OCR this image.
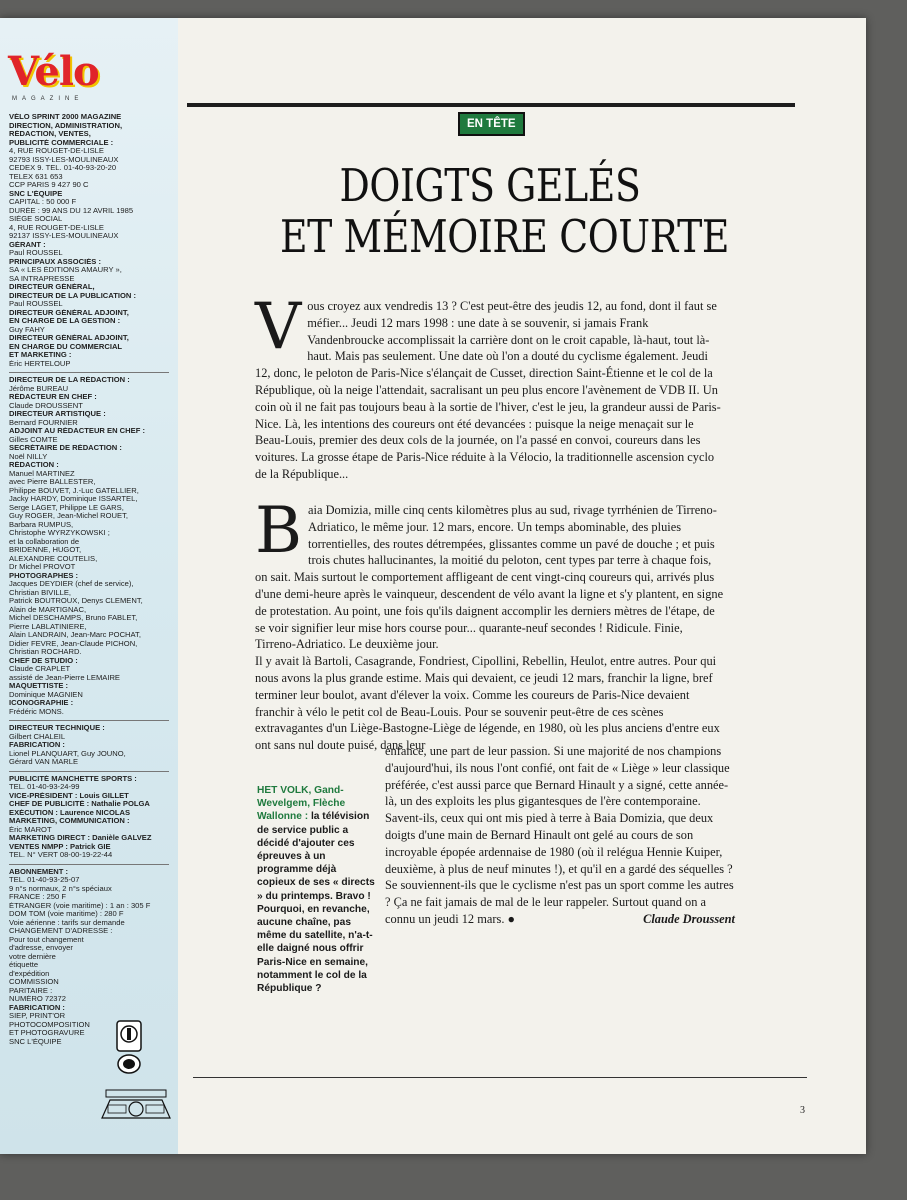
Vélo
MAGAZINE
VÉLO SPRINT 2000 MAGAZINE
DIRECTION, ADMINISTRATION,
RÉDACTION, VENTES,
PUBLICITÉ COMMERCIALE :
4, RUE ROUGET-DE-LISLE
92793 ISSY-LES-MOULINEAUX
CEDEX 9. TEL. 01-40-93-20-20
TELEX 631 653
CCP PARIS 9 427 90 C
SNC L'ÉQUIPE
CAPITAL : 50 000 F
DURÉE : 99 ANS DU 12 AVRIL 1985
SIÈGE SOCIAL
4, RUE ROUGET-DE-LISLE
92137 ISSY-LES-MOULINEAUX
GÉRANT :
Paul ROUSSEL
PRINCIPAUX ASSOCIÉS :
SA « LES ÉDITIONS AMAURY »,
SA INTRAPRESSE
DIRECTEUR GÉNÉRAL,
DIRECTEUR DE LA PUBLICATION :
Paul ROUSSEL
DIRECTEUR GÉNÉRAL ADJOINT,
EN CHARGE DE LA GESTION :
Guy FAHY
DIRECTEUR GÉNÉRAL ADJOINT,
EN CHARGE DU COMMERCIAL
ET MARKETING :
Éric HERTELOUP
DIRECTEUR DE LA RÉDACTION :
Jérôme BUREAU
RÉDACTEUR EN CHEF :
Claude DROUSSENT
DIRECTEUR ARTISTIQUE :
Bernard FOURNIER
ADJOINT AU RÉDACTEUR EN CHEF :
Gilles COMTE
SECRÉTAIRE DE RÉDACTION :
Noël NILLY
RÉDACTION :
Manuel MARTINEZ
avec Pierre BALLESTER,
Philippe BOUVET, J.-Luc GATELLIER,
Jacky HARDY, Dominique ISSARTEL,
Serge LAGET, Philippe LE GARS,
Guy ROGER, Jean-Michel ROUET,
Barbara RUMPUS,
Christophe WYRZYKOWSKI ;
et la collaboration de
BRIDENNE, HUGOT,
ALEXANDRE COUTELIS,
Dr Michel PROVOT
PHOTOGRAPHES :
Jacques DEYDIER (chef de service),
Christian BIVILLE,
Patrick BOUTROUX, Denys CLEMENT,
Alain de MARTIGNAC,
Michel DESCHAMPS, Bruno FABLET,
Pierre LABLATINIERE,
Alain LANDRAIN, Jean-Marc POCHAT,
Didier FEVRE, Jean-Claude PICHON,
Christian ROCHARD.
CHEF DE STUDIO :
Claude CRAPLET
assisté de Jean-Pierre LEMAIRE
MAQUETTISTE :
Dominique MAGNIEN
ICONOGRAPHIE :
Frédéric MONS.
DIRECTEUR TECHNIQUE :
Gilbert CHALEIL
FABRICATION :
Lionel PLANQUART, Guy JOUNO,
Gérard VAN MARLE
PUBLICITÉ MANCHETTE SPORTS :
TEL. 01-40-93-24-99
VICE-PRÉSIDENT : Louis GILLET
CHEF DE PUBLICITÉ : Nathalie POLGA
EXÉCUTION : Laurence NICOLAS
MARKETING, COMMUNICATION :
Éric MAROT
MARKETING DIRECT : Danièle GALVEZ
VENTES NMPP : Patrick GIE
TEL. N° VERT 08-00-19-22-44
ABONNEMENT :
TEL. 01-40-93-25-07
9 n°s normaux, 2 n°s spéciaux
FRANCE : 250 F
ÉTRANGER (voie maritime) : 1 an : 305 F
DOM TOM (voie maritime) : 280 F
Voie aérienne : tarifs sur demande
CHANGEMENT D'ADRESSE :
Pour tout changement
d'adresse, envoyer
votre dernière
étiquette
d'expédition
COMMISSION
PARITAIRE :
NUMÉRO 72372
FABRICATION :
SIEP, PRINT'OR
PHOTOCOMPOSITION
ET PHOTOGRAVURE
SNC L'ÉQUIPE
EN TÊTE
DOIGTS GELÉS
ET MÉMOIRE COURTE
Vous croyez aux vendredis 13 ? C'est peut-être des jeudis 12, au fond, dont il faut se méfier... Jeudi 12 mars 1998 : une date à se souvenir, si jamais Frank Vandenbroucke accomplissait la carrière dont on le croit capable, là-haut, tout là-haut. Mais pas seulement. Une date où l'on a douté du cyclisme également. Jeudi 12, donc, le peloton de Paris-Nice s'élançait de Cusset, direction Saint-Étienne et le col de la République, où la neige l'attendait, sacralisant un peu plus encore l'avènement de VDB II. Un coin où il ne fait pas toujours beau à la sortie de l'hiver, c'est le jeu, la grandeur aussi de Paris-Nice. Là, les intentions des coureurs ont été devancées : puisque la neige menaçait sur le Beau-Louis, premier des deux cols de la journée, on l'a passé en convoi, coureurs dans les voitures. La grosse étape de Paris-Nice réduite à la Vélocio, la traditionnelle ascension cyclo de la République...
Baia Domizia, mille cinq cents kilomètres plus au sud, rivage tyrrhénien de Tirreno-Adriatico, le même jour. 12 mars, encore. Un temps abominable, des pluies torrentielles, des routes détrempées, glissantes comme un pavé de douche ; et puis trois chutes hallucinantes, la moitié du peloton, cent types par terre à chaque fois, on sait. Mais surtout le comportement affligeant de cent vingt-cinq coureurs qui, arrivés plus d'une demi-heure après le vainqueur, descendent de vélo avant la ligne et s'y plantent, en signe de protestation. Au point, une fois qu'ils daignent accomplir les derniers mètres de l'étape, de se voir signifier leur mise hors course pour... quarante-neuf secondes ! Ridicule. Finie, Tirreno-Adriatico. Le deuxième jour.
Il y avait là Bartoli, Casagrande, Fondriest, Cipollini, Rebellin, Heulot, entre autres. Pour qui nous avons la plus grande estime. Mais qui devaient, ce jeudi 12 mars, franchir la ligne, bref terminer leur boulot, avant d'élever la voix. Comme les coureurs de Paris-Nice devaient franchir à vélo le petit col de Beau-Louis. Pour se souvenir peut-être de ces scènes extravagantes d'un Liège-Bastogne-Liège de légende, en 1980, où les plus anciens d'entre eux ont sans nul doute puisé, dans leur
enfance, une part de leur passion. Si une majorité de nos champions d'aujourd'hui, ils nous l'ont confié, ont fait de « Liège » leur classique préférée, c'est aussi parce que Bernard Hinault y a signé, cette année-là, un des exploits les plus gigantesques de l'ère contemporaine.
Savent-ils, ceux qui ont mis pied à terre à Baia Domizia, que deux doigts d'une main de Bernard Hinault ont gelé au cours de son incroyable épopée ardennaise de 1980 (où il relégua Hennie Kuiper, deuxième, à plus de neuf minutes !), et qu'il en a gardé des séquelles ? Se souviennent-ils que le cyclisme n'est pas un sport comme les autres ? Ça ne fait jamais de mal de le leur rappeler. Surtout quand on a connu un jeudi 12 mars. ●	Claude Droussent
HET VOLK, Gand-Wevelgem, Flèche Wallonne : la télévision de service public a décidé d'ajouter ces épreuves à un programme déjà copieux de ses « directs » du printemps. Bravo ! Pourquoi, en revanche, aucune chaîne, pas même du satellite, n'a-t-elle daigné nous offrir Paris-Nice en semaine, notamment le col de la République ?
3
